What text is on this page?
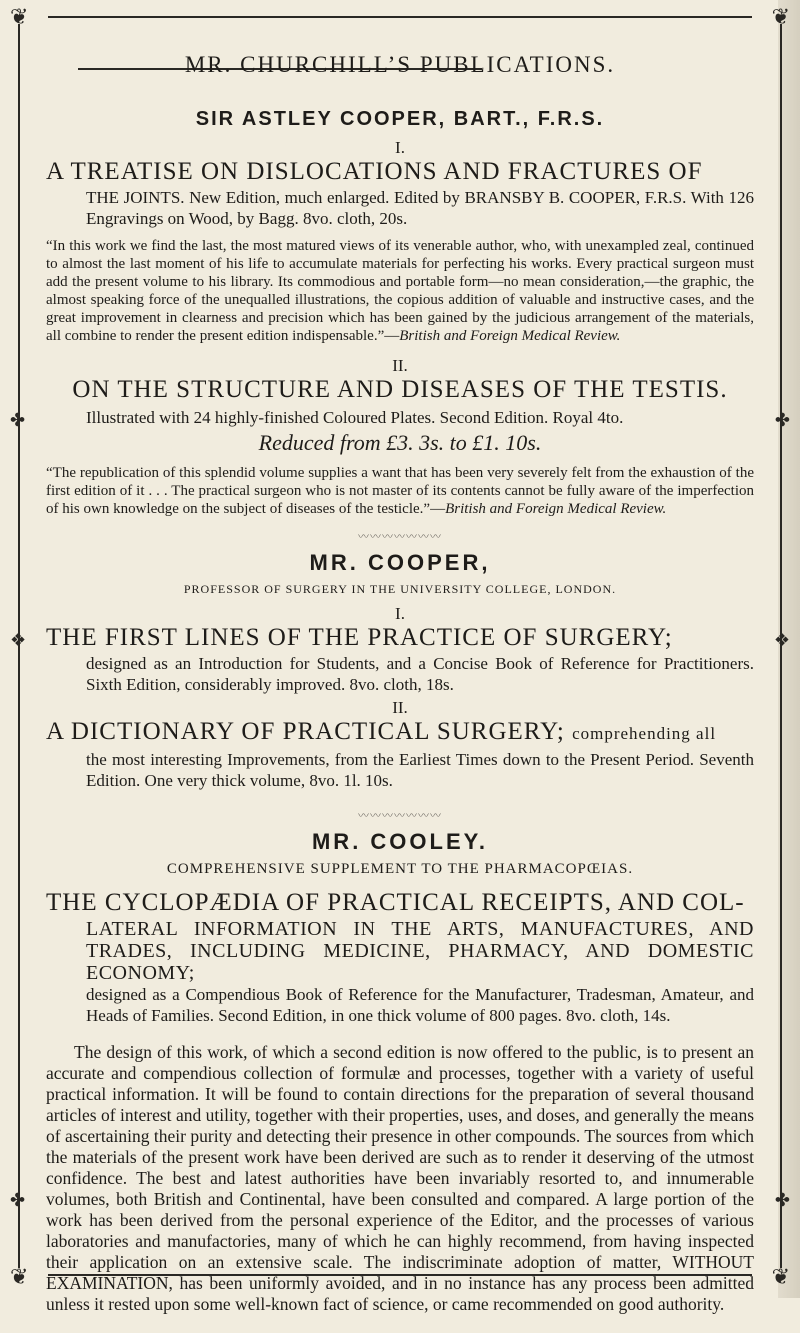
❦	❦
❦	❦
✤	✤
❖	❖
✤	✤
MR. CHURCHILL’S PUBLICATIONS.
SIR ASTLEY COOPER, BART., F.R.S.
I.
A TREATISE ON DISLOCATIONS AND FRACTURES OF

THE JOINTS. New Edition, much enlarged. Edited by BRANSBY B. COOPER, F.R.S. With 126 Engravings on Wood, by Bagg. 8vo. cloth, 20s.

“In this work we find the last, the most matured views of its venerable author, who, with unexampled zeal, continued to almost the last moment of his life to accumulate materials for perfecting his works. Every practical surgeon must add the present volume to his library. Its commodious and portable form—no mean consideration,—the graphic, the almost speaking force of the unequalled illustrations, the copious addition of valuable and instructive cases, and the great improvement in clearness and precision which has been gained by the judicious arrangement of the materials, all combine to render the present edition indispensable.”—British and Foreign Medical Review.
II.
ON THE STRUCTURE AND DISEASES OF THE TESTIS.

Illustrated with 24 highly-finished Coloured Plates. Second Edition. Royal 4to.

Reduced from £3. 3s. to £1. 10s.
“The republication of this splendid volume supplies a want that has been very severely felt from the exhaustion of the first edition of it . . . The practical surgeon who is not master of its contents cannot be fully aware of the imperfection of his own knowledge on the subject of diseases of the testicle.”—British and Foreign Medical Review.
〰〰〰〰〰〰〰
MR. COOPER,
PROFESSOR OF SURGERY IN THE UNIVERSITY COLLEGE, LONDON.
I.
THE FIRST LINES OF THE PRACTICE OF SURGERY;

designed as an Introduction for Students, and a Concise Book of Reference for Practitioners. Sixth Edition, considerably improved. 8vo. cloth, 18s.

II.
A DICTIONARY OF PRACTICAL SURGERY; comprehending all

the most interesting Improvements, from the Earliest Times down to the Present Period. Seventh Edition. One very thick volume, 8vo. 1l. 10s.

〰〰〰〰〰〰〰
MR. COOLEY.
COMPREHENSIVE SUPPLEMENT TO THE PHARMACOPŒIAS.
THE CYCLOPÆDIA OF PRACTICAL RECEIPTS, AND COL-
LATERAL INFORMATION IN THE ARTS, MANUFACTURES, AND TRADES, INCLUDING MEDICINE, PHARMACY, AND DOMESTIC ECONOMY;

designed as a Compendious Book of Reference for the Manufacturer, Tradesman, Amateur, and Heads of Families. Second Edition, in one thick volume of 800 pages. 8vo. cloth, 14s.

The design of this work, of which a second edition is now offered to the public, is to present an accurate and compendious collection of formulæ and processes, together with a variety of useful practical information. It will be found to contain directions for the preparation of several thousand articles of interest and utility, together with their properties, uses, and doses, and generally the means of ascertaining their purity and detecting their presence in other compounds. The sources from which the materials of the present work have been derived are such as to render it deserving of the utmost confidence. The best and latest authorities have been invariably resorted to, and innumerable volumes, both British and Continental, have been consulted and compared. A large portion of the work has been derived from the personal experience of the Editor, and the processes of various laboratories and manufactories, many of which he can highly recommend, from having inspected their application on an extensive scale. The indiscriminate adoption of matter, WITHOUT EXAMINATION, has been uniformly avoided, and in no instance has any process been admitted unless it rested upon some well-known fact of science, or came recommended on good authority.
